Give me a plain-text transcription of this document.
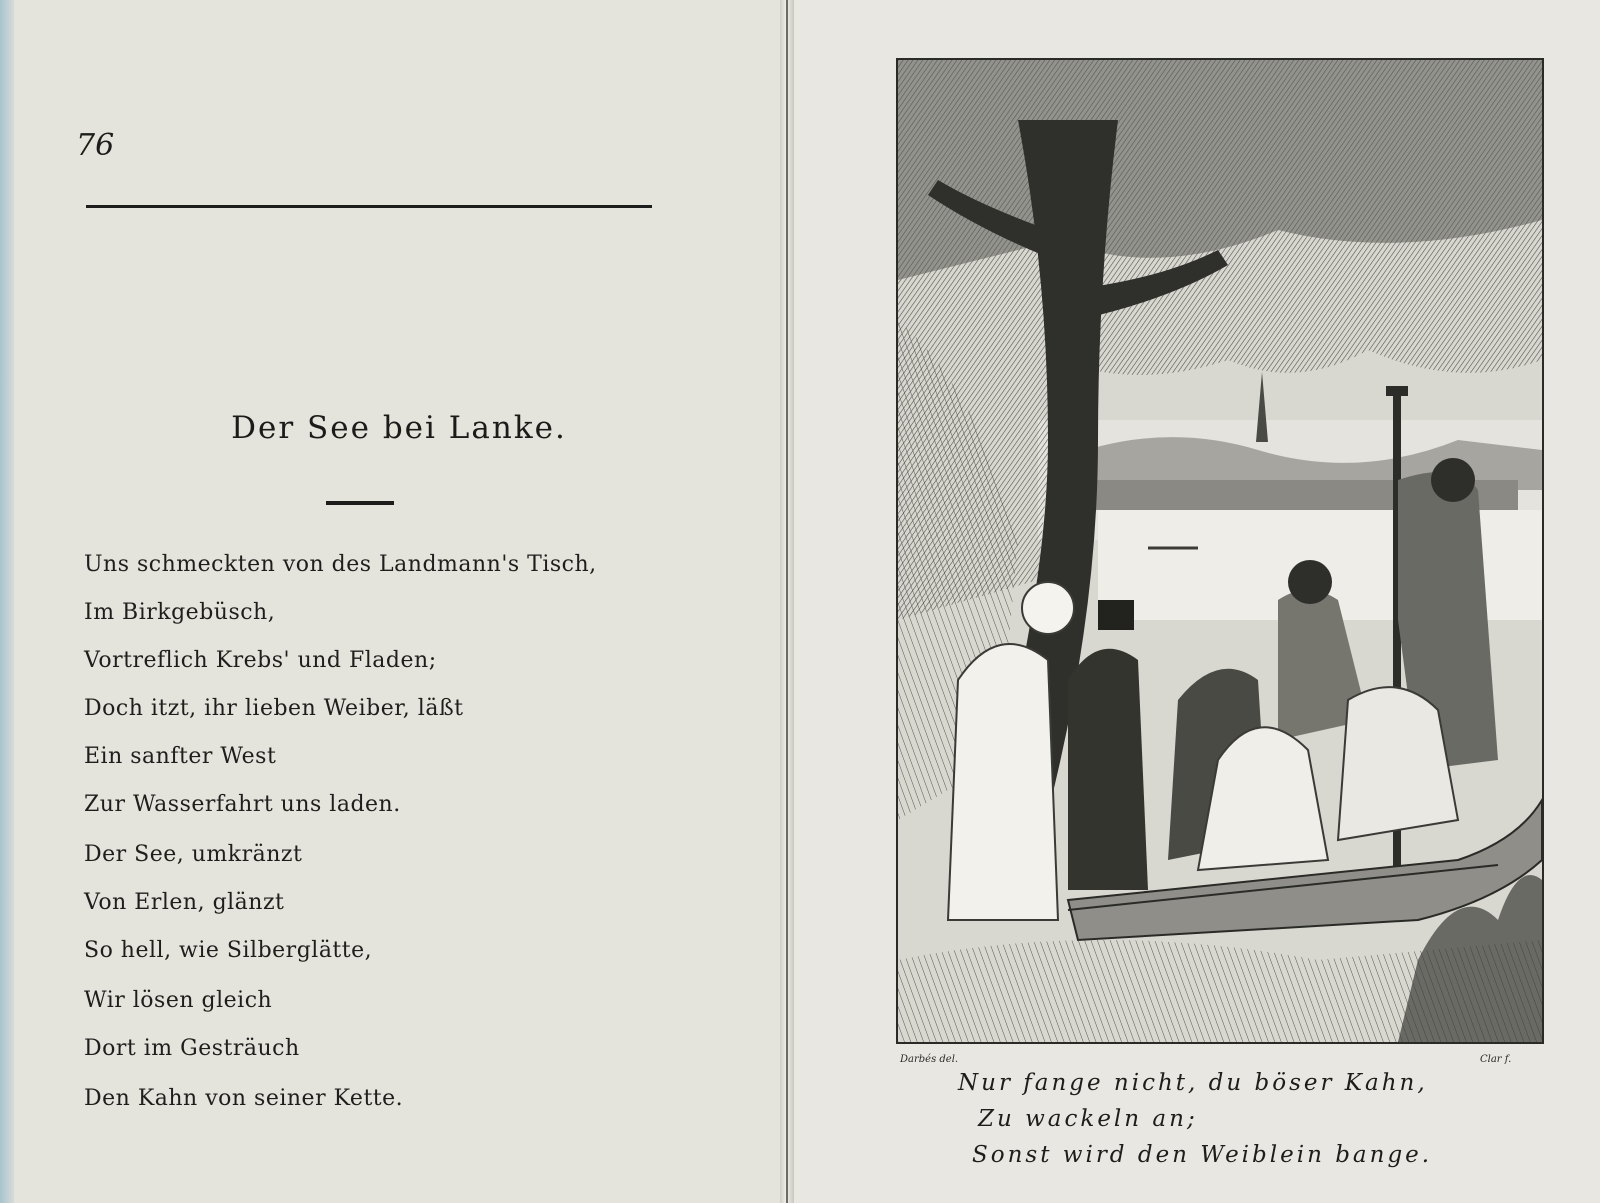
76
Der See bei Lanke.
Uns schmeckten von des Landmann's Tisch,
Im Birkgebüsch,
Vortreflich Krebs' und Fladen;
Doch itzt, ihr lieben Weiber, läßt
Ein sanfter West
Zur Wasserfahrt uns laden.
Der See, umkränzt
Von Erlen, glänzt
So hell, wie Silberglätte,
Wir lösen gleich
Dort im Gesträuch
Den Kahn von seiner Kette.
Darbés del.	Clar f.
Nur fange nicht, du böser Kahn,
Zu wackeln an;
Sonst wird den Weiblein bange.
